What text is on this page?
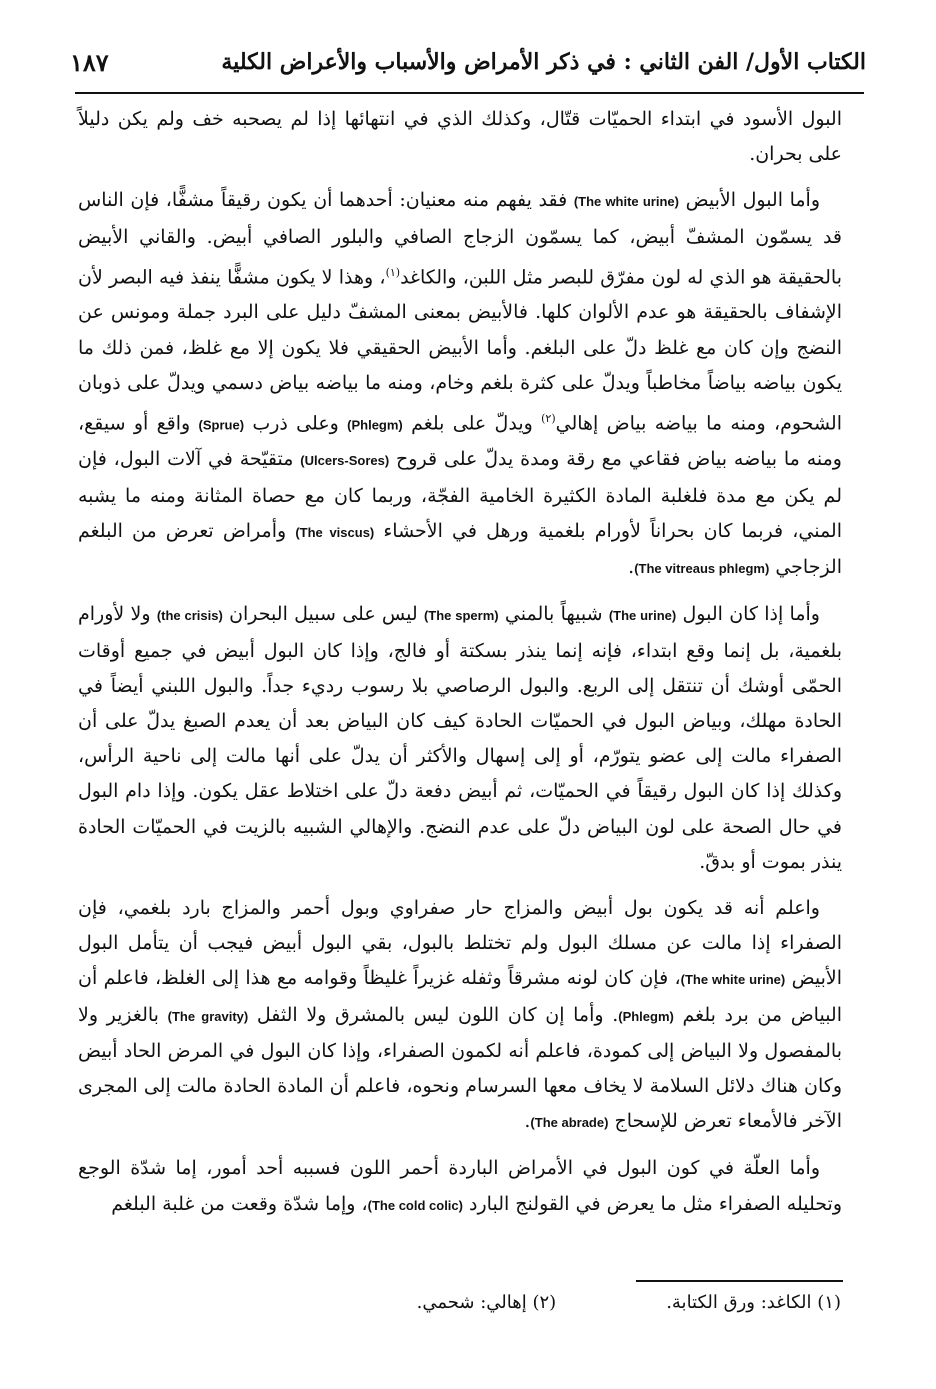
الكتاب الأول/ الفن الثاني : في ذكر الأمراض والأسباب والأعراض الكلية
١٨٧

البول الأسود في ابتداء الحميّات قتّال، وكذلك الذي في انتهائها إذا لم يصحبه خف ولم يكن دليلاً على بحران.

وأما البول الأبيض (The white urine) فقد يفهم منه معنيان: أحدهما أن يكون رقيقاً مشفًّا، فإن الناس قد يسمّون المشفّ أبيض، كما يسمّون الزجاج الصافي والبلور الصافي أبيض. والقاني الأبيض بالحقيقة هو الذي له لون مفرّق للبصر مثل اللبن، والكاغد$^{(١)}$، وهذا لا يكون مشفًّا ينفذ فيه البصر لأن الإشفاف بالحقيقة هو عدم الألوان كلها. فالأبيض بمعنى المشفّ دليل على البرد جملة ومونس عن النضج وإن كان مع غلظ دلّ على البلغم. وأما الأبيض الحقيقي فلا يكون إلا مع غلظ، فمن ذلك ما يكون بياضه بياضاً مخاطباً ويدلّ على كثرة بلغم وخام، ومنه ما بياضه بياض دسمي ويدلّ على ذوبان الشحوم، ومنه ما بياضه بياض إهالي$^{(٢)}$ ويدلّ على بلغم (Phlegm) وعلى ذرب (Sprue) واقع أو سيقع، ومنه ما بياضه بياض فقاعي مع رقة ومدة يدلّ على قروح (Ulcers-Sores) متقيّحة في آلات البول، فإن لم يكن مع مدة فلغلبة المادة الكثيرة الخامية الفجّة، وربما كان مع حصاة المثانة ومنه ما يشبه المني، فربما كان بحراناً لأورام بلغمية ورهل في الأحشاء (The viscus) وأمراض تعرض من البلغم الزجاجي (The vitreaus phlegm).

وأما إذا كان البول (The urine) شبيهاً بالمني (The sperm) ليس على سبيل البحران (the crisis) ولا لأورام بلغمية، بل إنما وقع ابتداء، فإنه إنما ينذر بسكتة أو فالج، وإذا كان البول أبيض في جميع أوقات الحمّى أوشك أن تنتقل إلى الربع. والبول الرصاصي بلا رسوب رديء جداً. والبول اللبني أيضاً في الحادة مهلك، وبياض البول في الحميّات الحادة كيف كان البياض بعد أن يعدم الصبغ يدلّ على أن الصفراء مالت إلى عضو يتورّم، أو إلى إسهال والأكثر أن يدلّ على أنها مالت إلى ناحية الرأس، وكذلك إذا كان البول رقيقاً في الحميّات، ثم أبيض دفعة دلّ على اختلاط عقل يكون. وإذا دام البول في حال الصحة على لون البياض دلّ على عدم النضج. والإهالي الشبيه بالزيت في الحميّات الحادة ينذر بموت أو بدقّ.

واعلم أنه قد يكون بول أبيض والمزاج حار صفراوي وبول أحمر والمزاج بارد بلغمي، فإن الصفراء إذا مالت عن مسلك البول ولم تختلط بالبول، بقي البول أبيض فيجب أن يتأمل البول الأبيض (The white urine)، فإن كان لونه مشرقاً وثفله غزيراً غليظاً وقوامه مع هذا إلى الغلظ، فاعلم أن البياض من برد بلغم (Phlegm). وأما إن كان اللون ليس بالمشرق ولا الثفل (The gravity) بالغزير ولا بالمفصول ولا البياض إلى كمودة، فاعلم أنه لكمون الصفراء، وإذا كان البول في المرض الحاد أبيض وكان هناك دلائل السلامة لا يخاف معها السرسام ونحوه، فاعلم أن المادة الحادة مالت إلى المجرى الآخر فالأمعاء تعرض للإسحاج (The abrade).

وأما العلّة في كون البول في الأمراض الباردة أحمر اللون فسببه أحد أمور، إما شدّة الوجع وتحليله الصفراء مثل ما يعرض في القولنج البارد (The cold colic)، وإما شدّة وقعت من غلبة البلغم

(١) الكاغد: ورق الكتابة.
(٢) إهالي: شحمي.
